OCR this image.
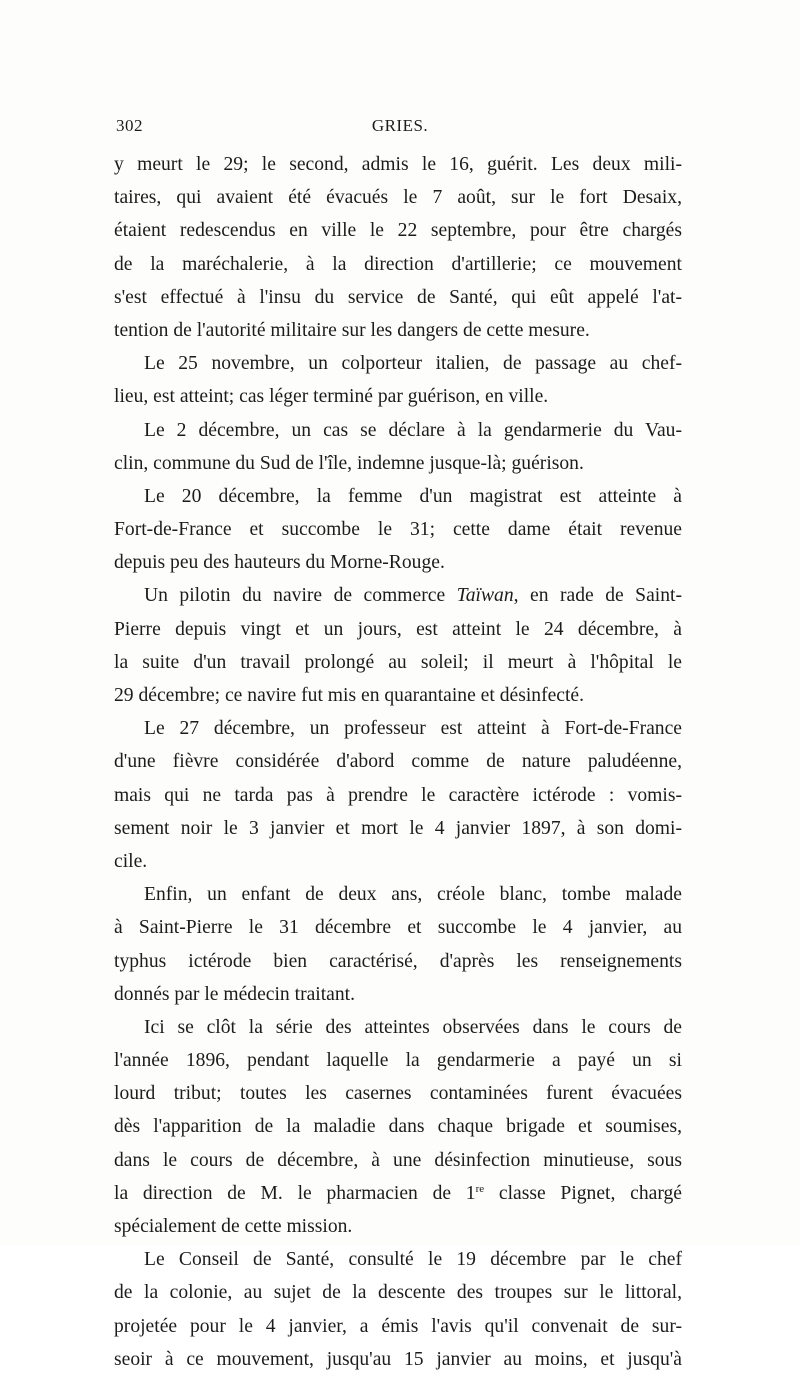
302	GRIES.
y meurt le 29; le second, admis le 16, guérit. Les deux mili-
taires, qui avaient été évacués le 7 août, sur le fort Desaix,
étaient redescendus en ville le 22 septembre, pour être chargés
de la maréchalerie, à la direction d'artillerie; ce mouvement
s'est effectué à l'insu du service de Santé, qui eût appelé l'at-
tention de l'autorité militaire sur les dangers de cette mesure.
Le 25 novembre, un colporteur italien, de passage au chef-
lieu, est atteint; cas léger terminé par guérison, en ville.
Le 2 décembre, un cas se déclare à la gendarmerie du Vau-
clin, commune du Sud de l'île, indemne jusque-là; guérison.
Le 20 décembre, la femme d'un magistrat est atteinte à
Fort-de-France et succombe le 31; cette dame était revenue
depuis peu des hauteurs du Morne-Rouge.
Un pilotin du navire de commerce Taïwan, en rade de Saint-
Pierre depuis vingt et un jours, est atteint le 24 décembre, à
la suite d'un travail prolongé au soleil; il meurt à l'hôpital le
29 décembre; ce navire fut mis en quarantaine et désinfecté.
Le 27 décembre, un professeur est atteint à Fort-de-France
d'une fièvre considérée d'abord comme de nature paludéenne,
mais qui ne tarda pas à prendre le caractère ictérode : vomis-
sement noir le 3 janvier et mort le 4 janvier 1897, à son domi-
cile.
Enfin, un enfant de deux ans, créole blanc, tombe malade
à Saint-Pierre le 31 décembre et succombe le 4 janvier, au
typhus ictérode bien caractérisé, d'après les renseignements
donnés par le médecin traitant.
Ici se clôt la série des atteintes observées dans le cours de
l'année 1896, pendant laquelle la gendarmerie a payé un si
lourd tribut; toutes les casernes contaminées furent évacuées
dès l'apparition de la maladie dans chaque brigade et soumises,
dans le cours de décembre, à une désinfection minutieuse, sous
la direction de M. le pharmacien de 1re classe Pignet, chargé
spécialement de cette mission.
Le Conseil de Santé, consulté le 19 décembre par le chef
de la colonie, au sujet de la descente des troupes sur le littoral,
projetée pour le 4 janvier, a émis l'avis qu'il convenait de sur-
seoir à ce mouvement, jusqu'au 15 janvier au moins, et jusqu'à
